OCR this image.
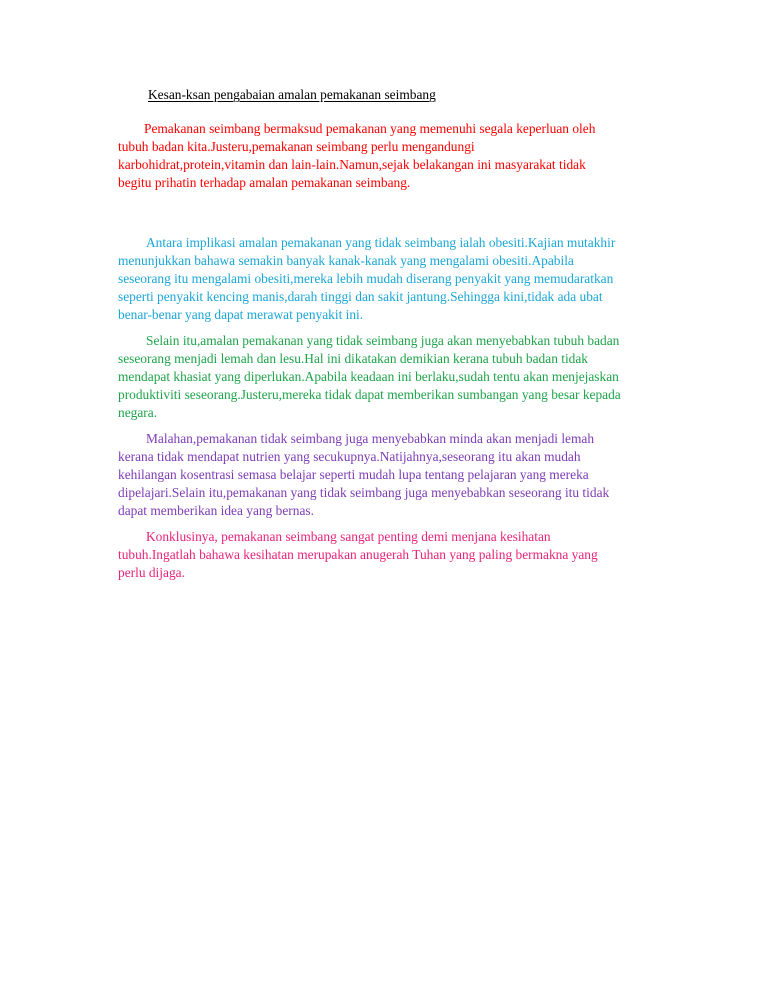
Kesan-ksan pengabaian amalan pemakanan seimbang
Pemakanan seimbang bermaksud pemakanan yang memenuhi segala keperluan oleh
tubuh badan kita.Justeru,pemakanan seimbang perlu mengandungi
karbohidrat,protein,vitamin dan lain-lain.Namun,sejak belakangan ini masyarakat tidak
begitu prihatin terhadap amalan pemakanan seimbang.
Antara implikasi amalan pemakanan yang tidak seimbang ialah obesiti.Kajian mutakhir
menunjukkan bahawa semakin banyak kanak-kanak yang mengalami obesiti.Apabila
seseorang itu mengalami obesiti,mereka lebih mudah diserang penyakit yang memudaratkan
seperti penyakit kencing manis,darah tinggi dan sakit jantung.Sehingga kini,tidak ada ubat
benar-benar yang dapat merawat penyakit ini.
Selain itu,amalan pemakanan yang tidak seimbang juga akan menyebabkan tubuh badan
seseorang menjadi lemah dan lesu.Hal ini dikatakan demikian kerana tubuh badan tidak
mendapat khasiat yang diperlukan.Apabila keadaan ini berlaku,sudah tentu akan menjejaskan
produktiviti seseorang.Justeru,mereka tidak dapat memberikan sumbangan yang besar kepada
negara.
Malahan,pemakanan tidak seimbang juga menyebabkan minda akan menjadi lemah
kerana tidak mendapat nutrien yang secukupnya.Natijahnya,seseorang itu akan mudah
kehilangan kosentrasi semasa belajar seperti mudah lupa tentang pelajaran yang mereka
dipelajari.Selain itu,pemakanan yang tidak seimbang juga menyebabkan seseorang itu tidak
dapat memberikan idea yang bernas.
Konklusinya, pemakanan seimbang sangat penting demi menjana kesihatan
tubuh.Ingatlah bahawa kesihatan merupakan anugerah Tuhan yang paling bermakna yang
perlu dijaga.
